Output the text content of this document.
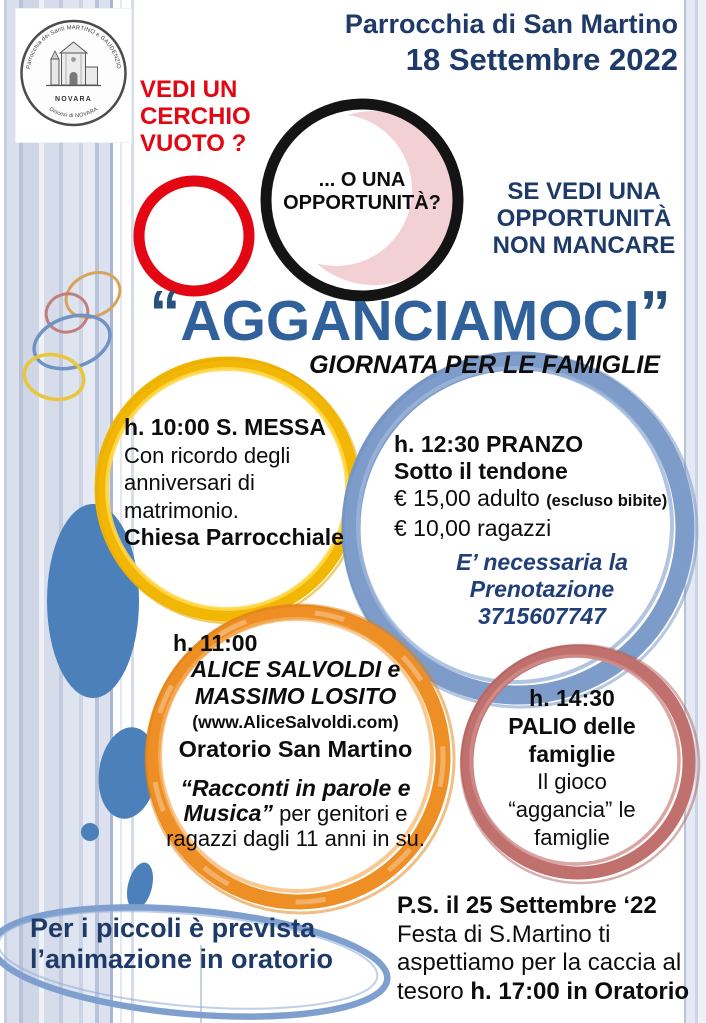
Parrocchia dei Santi MARTINO e GAUDENZIO
NOVARA
Diocesi di NOVARA
Parrocchia di San Martino
18 Settembre 2022
VEDI UN
CERCHIO
VUOTO ?
... O UNA
OPPORTUNITÀ?	SE VEDI UNA
OPPORTUNITÀ
NON MANCARE
“AGGANCIAMOCI”
GIORNATA PER LE FAMIGLIE
h. 10:00 S. MESSA
Con ricordo degli
anniversari di
matrimonio.
Chiesa Parrocchiale
h. 12:30 PRANZO
Sotto il tendone
€ 15,00 adulto (escluso bibite)
€ 10,00 ragazzi
E’ necessaria la
Prenotazione
3715607747
h. 11:00
ALICE SALVOLDI e
MASSIMO LOSITO
(www.AliceSalvoldi.com)
Oratorio San Martino
“Racconti in parole e
Musica” per genitori e
ragazzi dagli 11 anni in su.
h. 14:30
PALIO delle
famiglie
Il gioco
“aggancia” le
famiglie
Per i piccoli è prevista
l’animazione in oratorio
P.S. il 25 Settembre ‘22
Festa di S.Martino ti
aspettiamo per la caccia al
tesoro h. 17:00 in Oratorio
